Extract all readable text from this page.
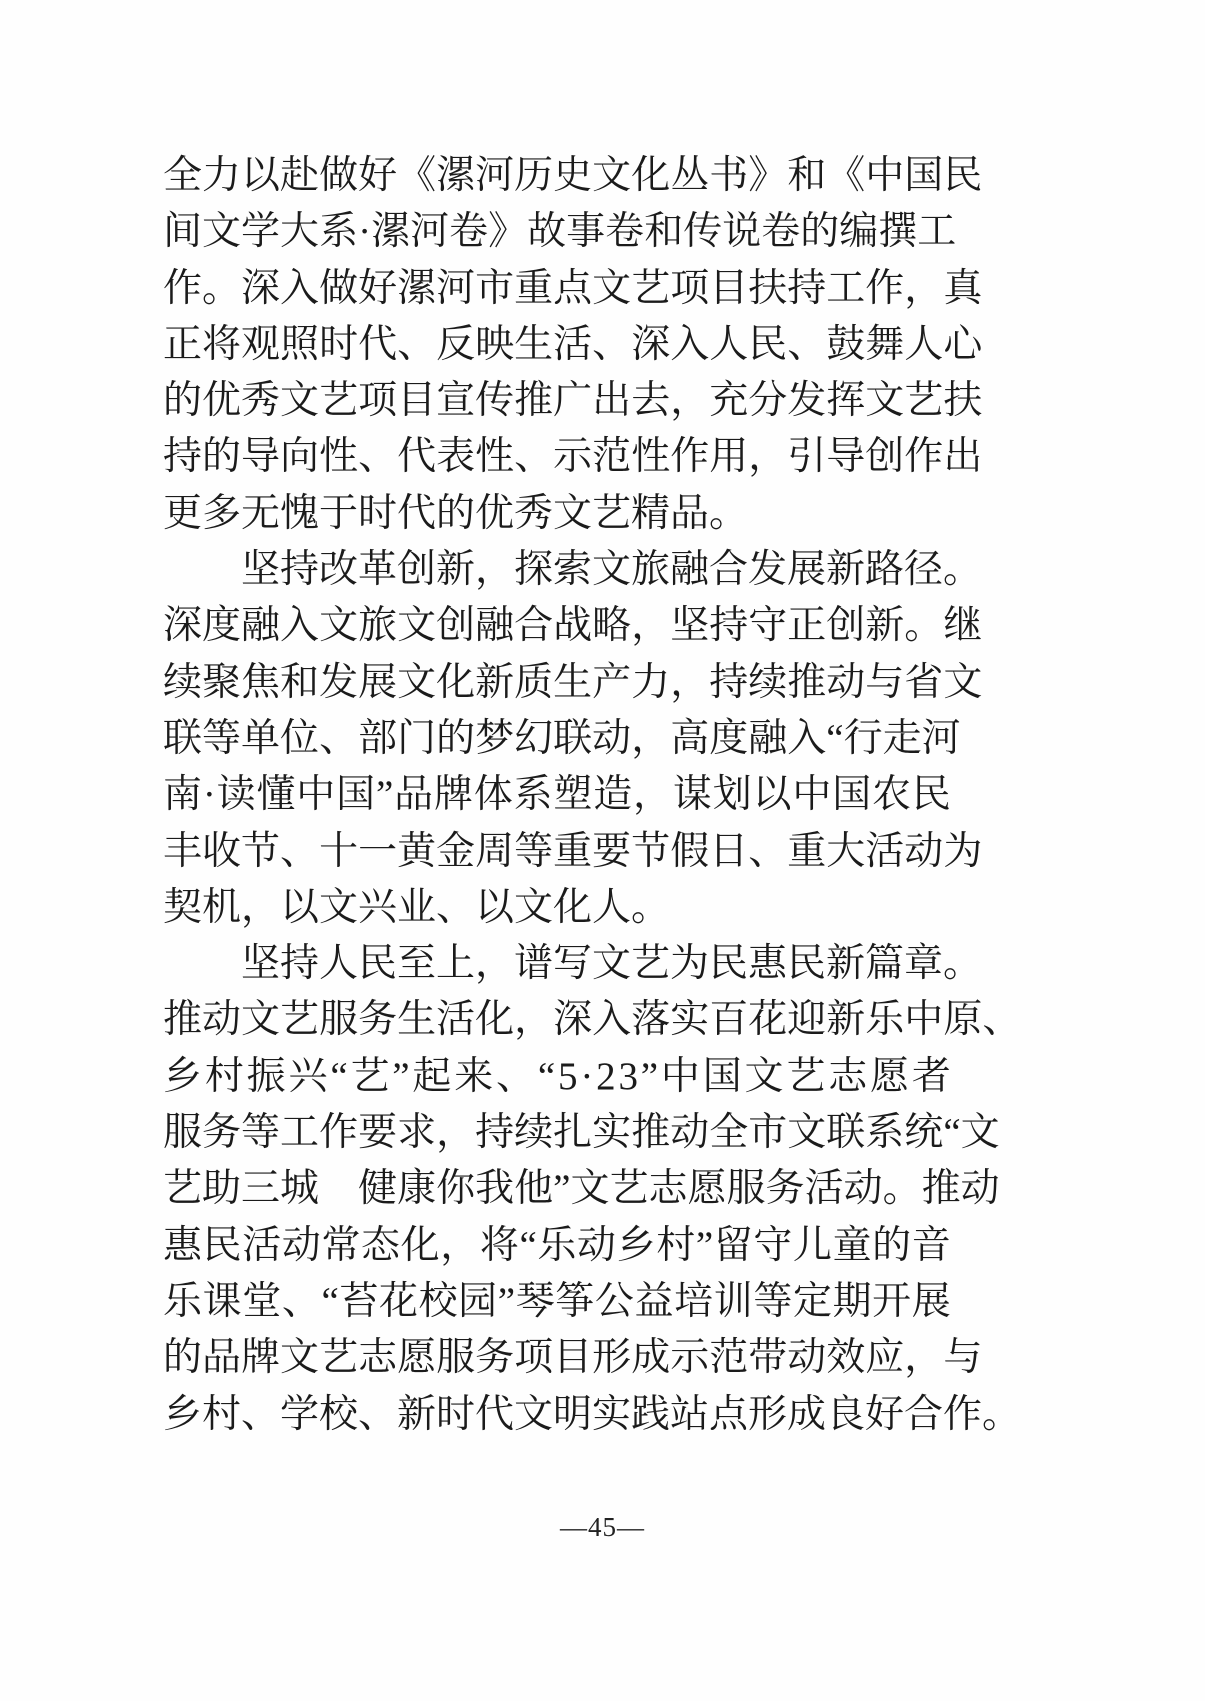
全 力 以 赴 做 好 《 漯 河 历 史 文 化 丛 书 》 和 《 中 国 民
间 文 学 大 系 · 漯 河 卷 》 故 事 卷 和 传 说 卷 的 编 撰 工
作 。 深 入 做 好 漯 河 市 重 点 文 艺 项 目 扶 持 工 作 ， 真
正 将 观 照 时 代 、 反 映 生 活 、 深 入 人 民 、 鼓 舞 人 心
的 优 秀 文 艺 项 目 宣 传 推 广 出 去 ， 充 分 发 挥 文 艺 扶
持 的 导 向 性 、 代 表 性 、 示 范 性 作 用 ， 引 导 创 作 出
更多无愧于时代的优秀文艺精品。
坚持改革创新，探索文旅融合发展新路径。
深 度 融 入 文 旅 文 创 融 合 战 略 ， 坚 持 守 正 创 新 。 继
续 聚 焦 和 发 展 文 化 新 质 生 产 力 ， 持 续 推 动 与 省 文
联 等 单 位 、 部 门 的 梦 幻 联 动 ， 高 度 融 入 “ 行 走 河
南 · 读 懂 中 国 ” 品 牌 体 系 塑 造 ， 谋 划 以 中 国 农 民
丰 收 节 、 十 一 黄 金 周 等 重 要 节 假 日 、 重 大 活 动 为
契机，以文兴业、以文化人。
坚持人民至上，谱写文艺为民惠民新篇章。
推 动 文 艺 服 务 生 活 化 ， 深 入 落 实 百 花 迎 新 乐 中 原 、
乡 村 振 兴 “ 艺 ” 起 来 、 “ 5 · 2 3 ” 中 国 文 艺 志 愿 者
服 务 等 工 作 要 求 ， 持 续 扎 实 推 动 全 市 文 联 系 统 “ 文
艺 助 三 城
　 健 康 你 我 他 ” 文 艺 志 愿 服 务 活 动 。 推 动
惠 民 活 动 常 态 化 ， 将 “ 乐 动 乡 村 ” 留 守 儿 童 的 音
乐 课 堂 、 “ 苔 花 校 园 ” 琴 筝 公 益 培 训 等 定 期 开 展
的 品 牌 文 艺 志 愿 服 务 项 目 形 成 示 范 带 动 效 应 ， 与
乡村、学校、新时代文明实践站点形成良好合作。
—45—
